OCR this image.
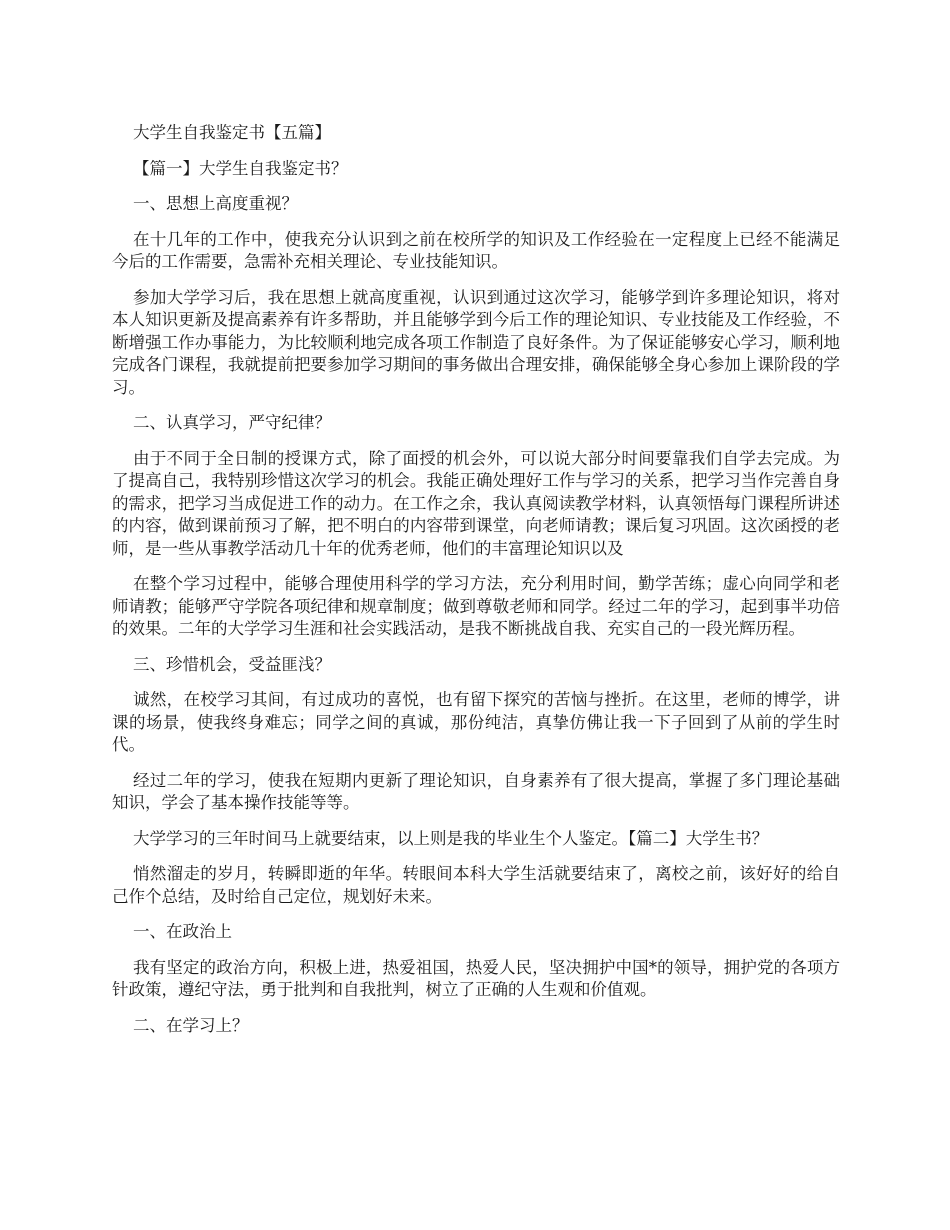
大学生自我鉴定书【五篇】

【篇一】大学生自我鉴定书？

一、思想上高度重视？

在十几年的工作中，使我充分认识到之前在校所学的知识及工作经验在一定程度上已经不能满足今后的工作需要，急需补充相关理论、专业技能知识。

参加大学学习后，我在思想上就高度重视，认识到通过这次学习，能够学到许多理论知识，将对本人知识更新及提高素养有许多帮助，并且能够学到今后工作的理论知识、专业技能及工作经验，不断增强工作办事能力，为比较顺利地完成各项工作制造了良好条件。为了保证能够安心学习，顺利地完成各门课程，我就提前把要参加学习期间的事务做出合理安排，确保能够全身心参加上课阶段的学习。

二、认真学习，严守纪律？

由于不同于全日制的授课方式，除了面授的机会外，可以说大部分时间要靠我们自学去完成。为了提高自己，我特别珍惜这次学习的机会。我能正确处理好工作与学习的关系，把学习当作完善自身的需求，把学习当成促进工作的动力。在工作之余，我认真阅读教学材料，认真领悟每门课程所讲述的内容，做到课前预习了解，把不明白的内容带到课堂，向老师请教；课后复习巩固。这次函授的老师，是一些从事教学活动几十年的优秀老师，他们的丰富理论知识以及

在整个学习过程中，能够合理使用科学的学习方法，充分利用时间，勤学苦练；虚心向同学和老师请教；能够严守学院各项纪律和规章制度；做到尊敬老师和同学。经过二年的学习，起到事半功倍的效果。二年的大学学习生涯和社会实践活动，是我不断挑战自我、充实自己的一段光辉历程。

三、珍惜机会，受益匪浅？

诚然，在校学习其间，有过成功的喜悦，也有留下探究的苦恼与挫折。在这里，老师的博学，讲课的场景，使我终身难忘；同学之间的真诚，那份纯洁，真挚仿佛让我一下子回到了从前的学生时代。

经过二年的学习，使我在短期内更新了理论知识，自身素养有了很大提高，掌握了多门理论基础知识，学会了基本操作技能等等。

大学学习的三年时间马上就要结束，以上则是我的毕业生个人鉴定。【篇二】大学生书？

悄然溜走的岁月，转瞬即逝的年华。转眼间本科大学生活就要结束了，离校之前，该好好的给自己作个总结，及时给自己定位，规划好未来。

一、在政治上

我有坚定的政治方向，积极上进，热爱祖国，热爱人民，坚决拥护中国*的领导，拥护党的各项方针政策，遵纪守法，勇于批判和自我批判，树立了正确的人生观和价值观。

二、在学习上？
